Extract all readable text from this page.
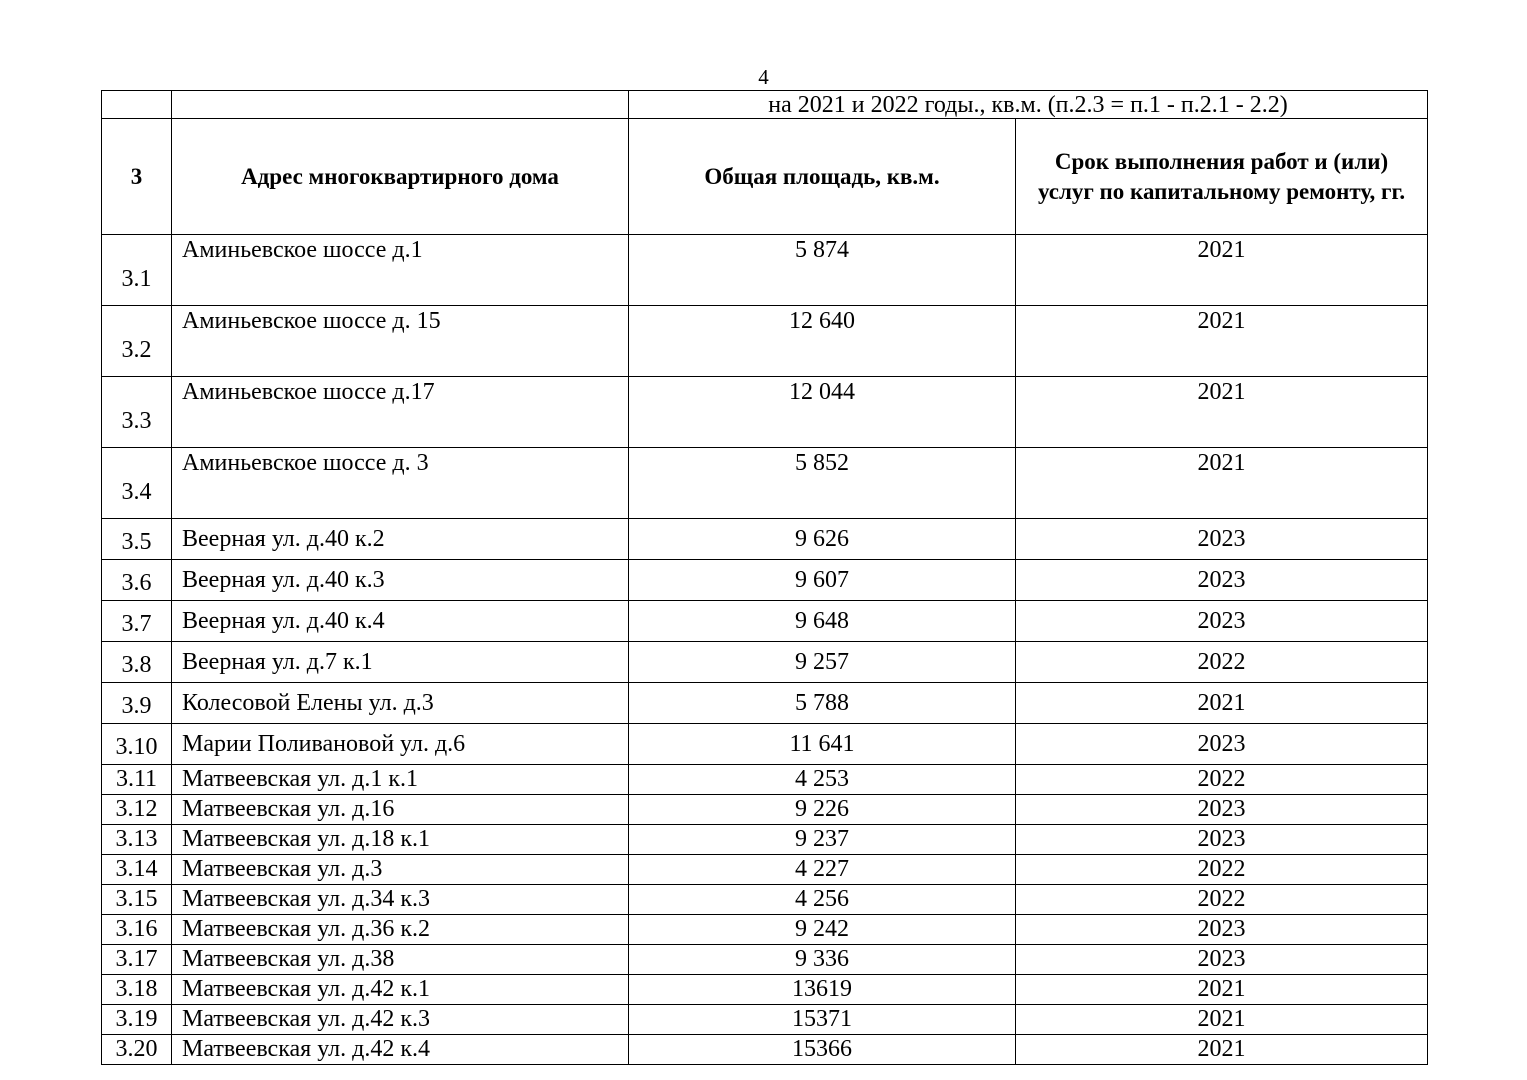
4
		на 2021 и 2022 годы., кв.м. (п.2.3 = п.1 - п.2.1 - 2.2)	
3	Адрес многоквартирного дома	Общая площадь, кв.м.	Срок выполнения работ и (или) услуг по капитальному ремонту, гг.
3.1	Аминьевское шоссе д.1	5 874	2021
3.2	Аминьевское шоссе д. 15	12 640	2021
3.3	Аминьевское шоссе д.17	12 044	2021
3.4	Аминьевское шоссе д. 3	5 852	2021
3.5	Веерная ул. д.40 к.2	9 626	2023
3.6	Веерная ул. д.40 к.3	9 607	2023
3.7	Веерная ул. д.40 к.4	9 648	2023
3.8	Веерная ул. д.7 к.1	9 257	2022
3.9	Колесовой Елены ул. д.3	5 788	2021
3.10	Марии Поливановой ул. д.6	11 641	2023
3.11	Матвеевская ул. д.1 к.1	4 253	2022
3.12	Матвеевская ул. д.16	9 226	2023
3.13	Матвеевская ул. д.18 к.1	9 237	2023
3.14	Матвеевская ул. д.3	4 227	2022
3.15	Матвеевская ул. д.34 к.3	4 256	2022
3.16	Матвеевская ул. д.36 к.2	9 242	2023
3.17	Матвеевская ул. д.38	9 336	2023
3.18	Матвеевская ул. д.42 к.1	13619	2021
3.19	Матвеевская ул. д.42 к.3	15371	2021
3.20	Матвеевская ул. д.42 к.4	15366	2021
